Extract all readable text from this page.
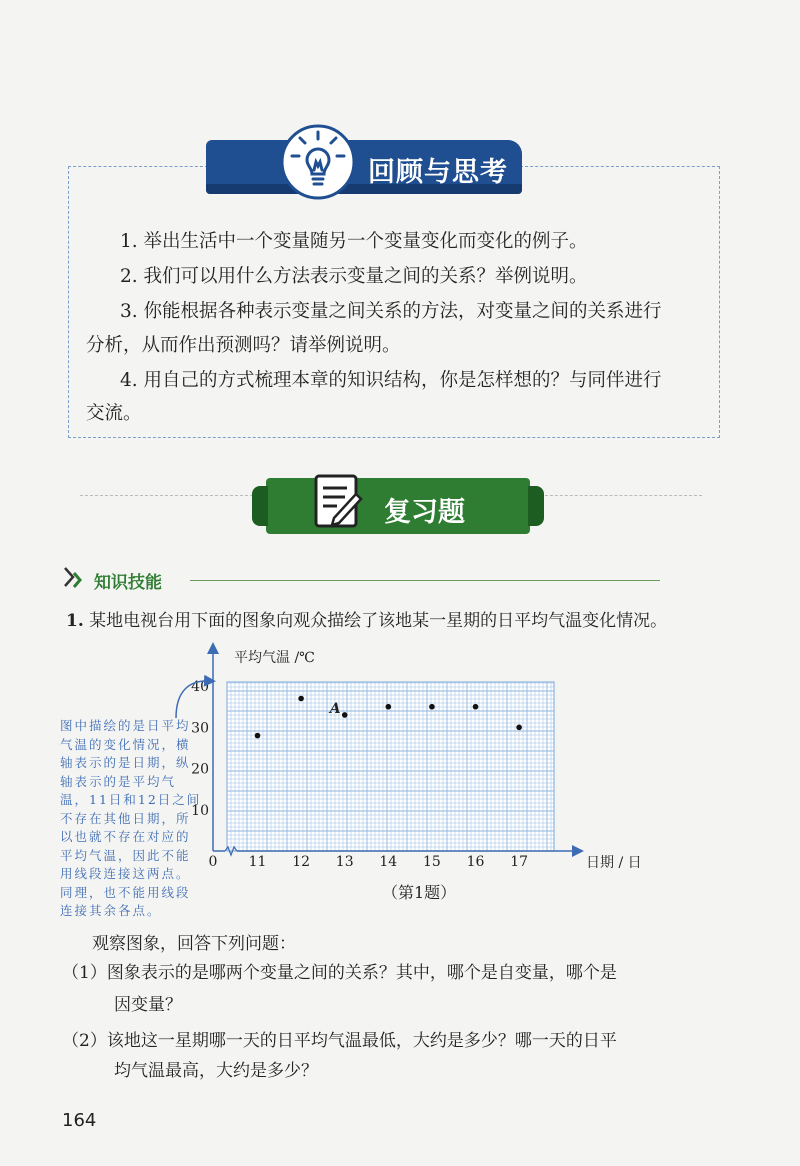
回顾与思考
1. 举出生活中一个变量随另一个变量变化而变化的例子。
2. 我们可以用什么方法表示变量之间的关系？举例说明。
3. 你能根据各种表示变量之间关系的方法，对变量之间的关系进行
分析，从而作出预测吗？请举例说明。
4. 用自己的方式梳理本章的知识结构，你是怎样想的？与同伴进行
交流。
复习题
知识技能
1. 某地电视台用下面的图象向观众描绘了该地某一星期的日平均气温变化情况。
平均气温 /℃
10
20
30
40
0 11 12 13 14 15 16 17	日期 / 日
A
图中描绘的是日平均气温的变化情况，横轴表示的是日期，纵轴表示的是平均气温，11日和12日之间不存在其他日期，所以也就不存在对应的平均气温，因此不能用线段连接这两点。同理，也不能用线段连接其余各点。
（第1题）
观察图象，回答下列问题：
（1）图象表示的是哪两个变量之间的关系？其中，哪个是自变量，哪个是
因变量？
（2）该地这一星期哪一天的日平均气温最低，大约是多少？哪一天的日平
均气温最高，大约是多少？
164
